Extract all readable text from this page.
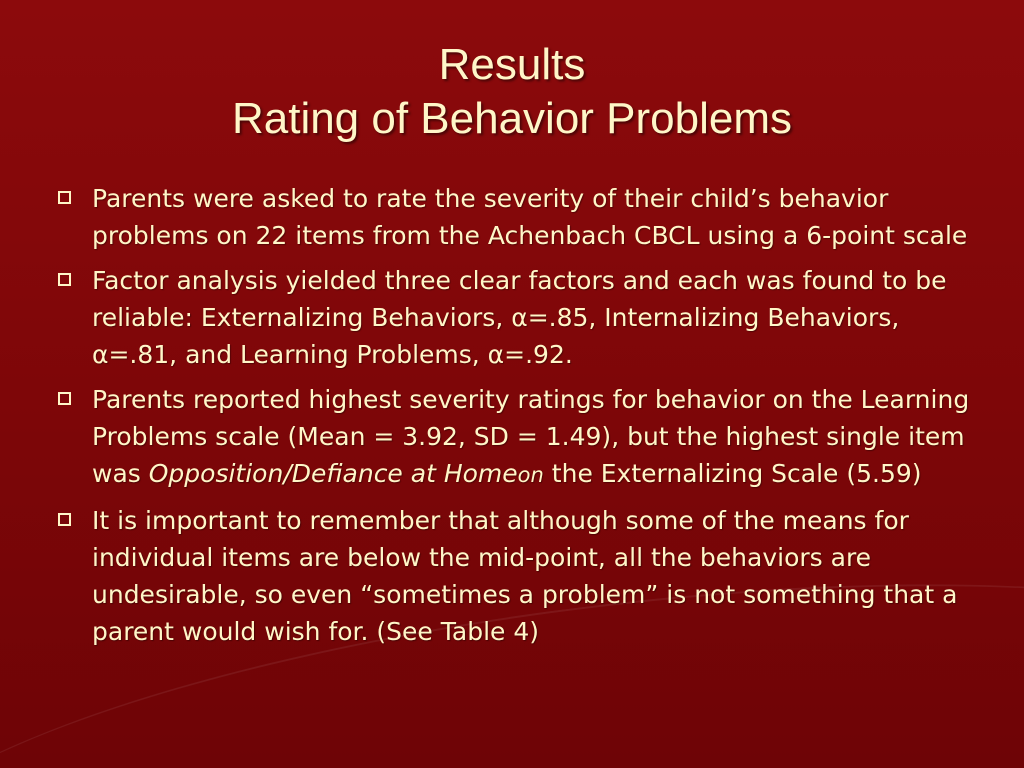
Results
Rating of Behavior Problems
Parents were asked to rate the severity of their child’s behavior problems on 22 items from the Achenbach CBCL using a 6-point scale
Factor analysis yielded three clear factors and each was found to be reliable: Externalizing Behaviors, α=.85, Internalizing Behaviors, α=.81, and Learning Problems, α=.92.
Parents reported highest severity ratings for behavior on the Learning Problems scale (Mean = 3.92, SD = 1.49), but the highest single item was Opposition/Defiance at Homeon the Externalizing Scale (5.59)
It is important to remember that although some of the means for individual items are below the mid-point, all the behaviors are undesirable, so even “sometimes a problem” is not something that a parent would wish for. (See Table 4)
